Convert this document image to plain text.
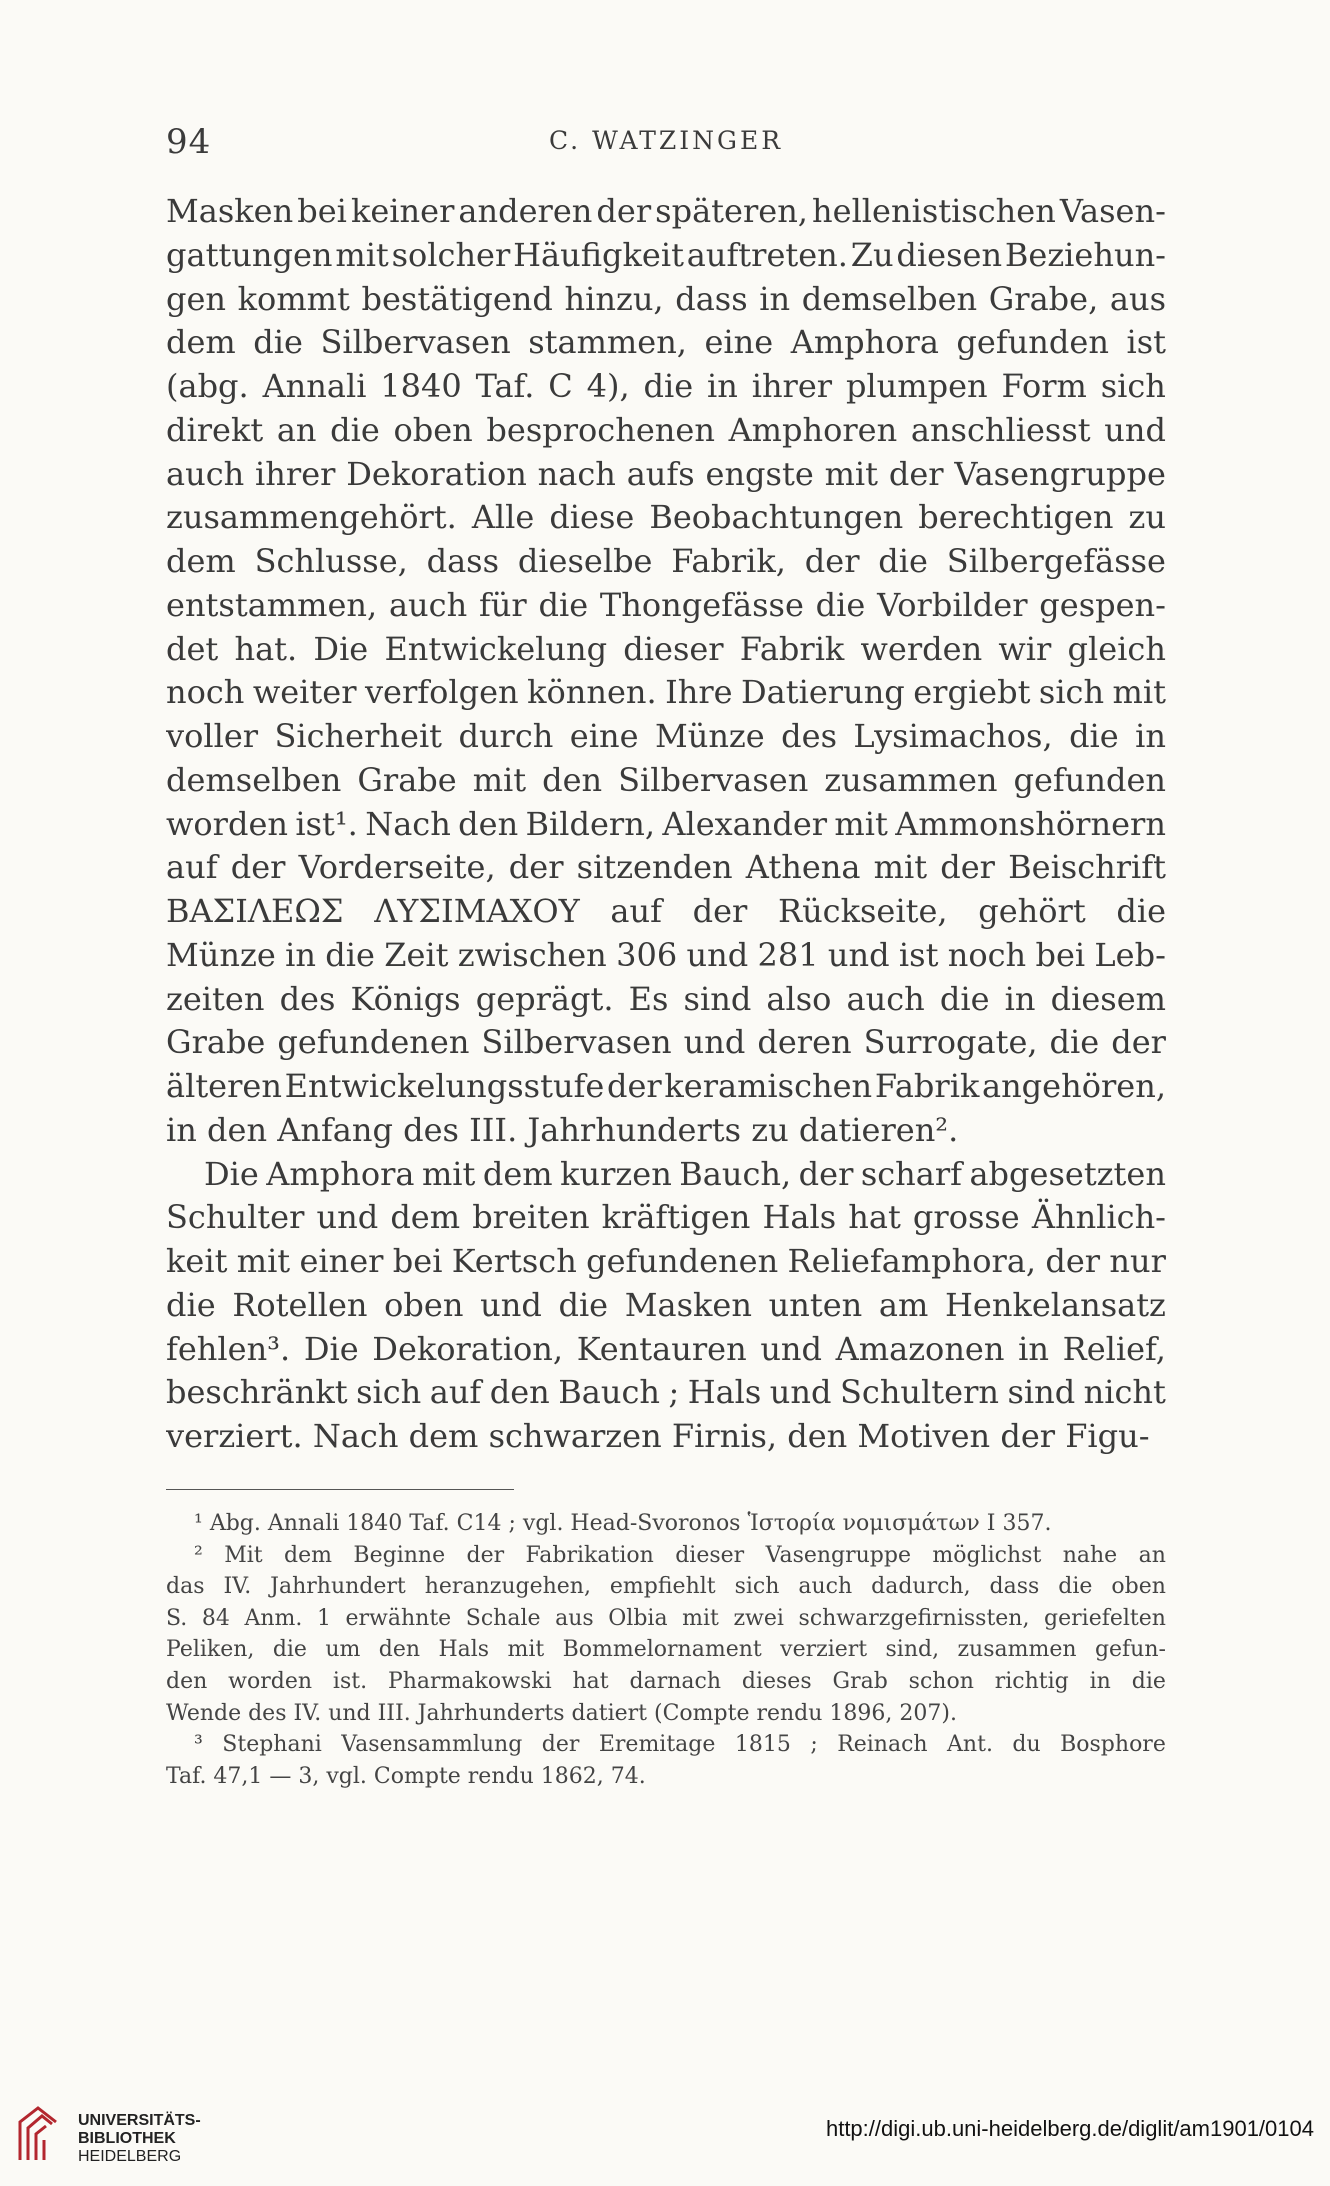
94	C. WATZINGER
Masken bei keiner anderen der späteren, hellenistischen Vasen-
gattungen mit solcher Häufigkeit auftreten. Zu diesen Beziehun-
gen kommt bestätigend hinzu, dass in demselben Grabe, aus
dem die Silbervasen stammen, eine Amphora gefunden ist
(abg. Annali 1840 Taf. C 4), die in ihrer plumpen Form sich
direkt an die oben besprochenen Amphoren anschliesst und
auch ihrer Dekoration nach aufs engste mit der Vasengruppe
zusammengehört. Alle diese Beobachtungen berechtigen zu
dem Schlusse, dass dieselbe Fabrik, der die Silbergefässe
entstammen, auch für die Thongefässe die Vorbilder gespen-
det hat. Die Entwickelung dieser Fabrik werden wir gleich
noch weiter verfolgen können. Ihre Datierung ergiebt sich mit
voller Sicherheit durch eine Münze des Lysimachos, die in
demselben Grabe mit den Silbervasen zusammen gefunden
worden ist¹. Nach den Bildern, Alexander mit Ammonshörnern
auf der Vorderseite, der sitzenden Athena mit der Beischrift
ΒΑΣΙΛΕΩΣ ΛΥΣΙΜΑΧΟΥ auf der Rückseite, gehört die
Münze in die Zeit zwischen 306 und 281 und ist noch bei Leb-
zeiten des Königs geprägt. Es sind also auch die in diesem
Grabe gefundenen Silbervasen und deren Surrogate, die der
älteren Entwickelungsstufe der keramischen Fabrik angehören,
in den Anfang des III. Jahrhunderts zu datieren².
Die Amphora mit dem kurzen Bauch, der scharf abgesetzten
Schulter und dem breiten kräftigen Hals hat grosse Ähnlich-
keit mit einer bei Kertsch gefundenen Reliefamphora, der nur
die Rotellen oben und die Masken unten am Henkelansatz
fehlen³. Die Dekoration, Kentauren und Amazonen in Relief,
beschränkt sich auf den Bauch ; Hals und Schultern sind nicht
verziert. Nach dem schwarzen Firnis, den Motiven der Figu-
¹ Abg. Annali 1840 Taf. C14 ; vgl. Head-Svoronos Ἱστορία νομισμάτων I 357.
² Mit dem Beginne der Fabrikation dieser Vasengruppe möglichst nahe an
das IV. Jahrhundert heranzugehen, empfiehlt sich auch dadurch, dass die oben
S. 84 Anm. 1 erwähnte Schale aus Olbia mit zwei schwarzgefirnissten, geriefelten
Peliken, die um den Hals mit Bommelornament verziert sind, zusammen gefun-
den worden ist. Pharmakowski hat darnach dieses Grab schon richtig in die
Wende des IV. und III. Jahrhunderts datiert (Compte rendu 1896, 207).
³ Stephani Vasensammlung der Eremitage 1815 ; Reinach Ant. du Bosphore
Taf. 47,1 — 3, vgl. Compte rendu 1862, 74.
UNIVERSITÄTS-
BIBLIOTHEK
HEIDELBERG
http://digi.ub.uni-heidelberg.de/diglit/am1901/0104
